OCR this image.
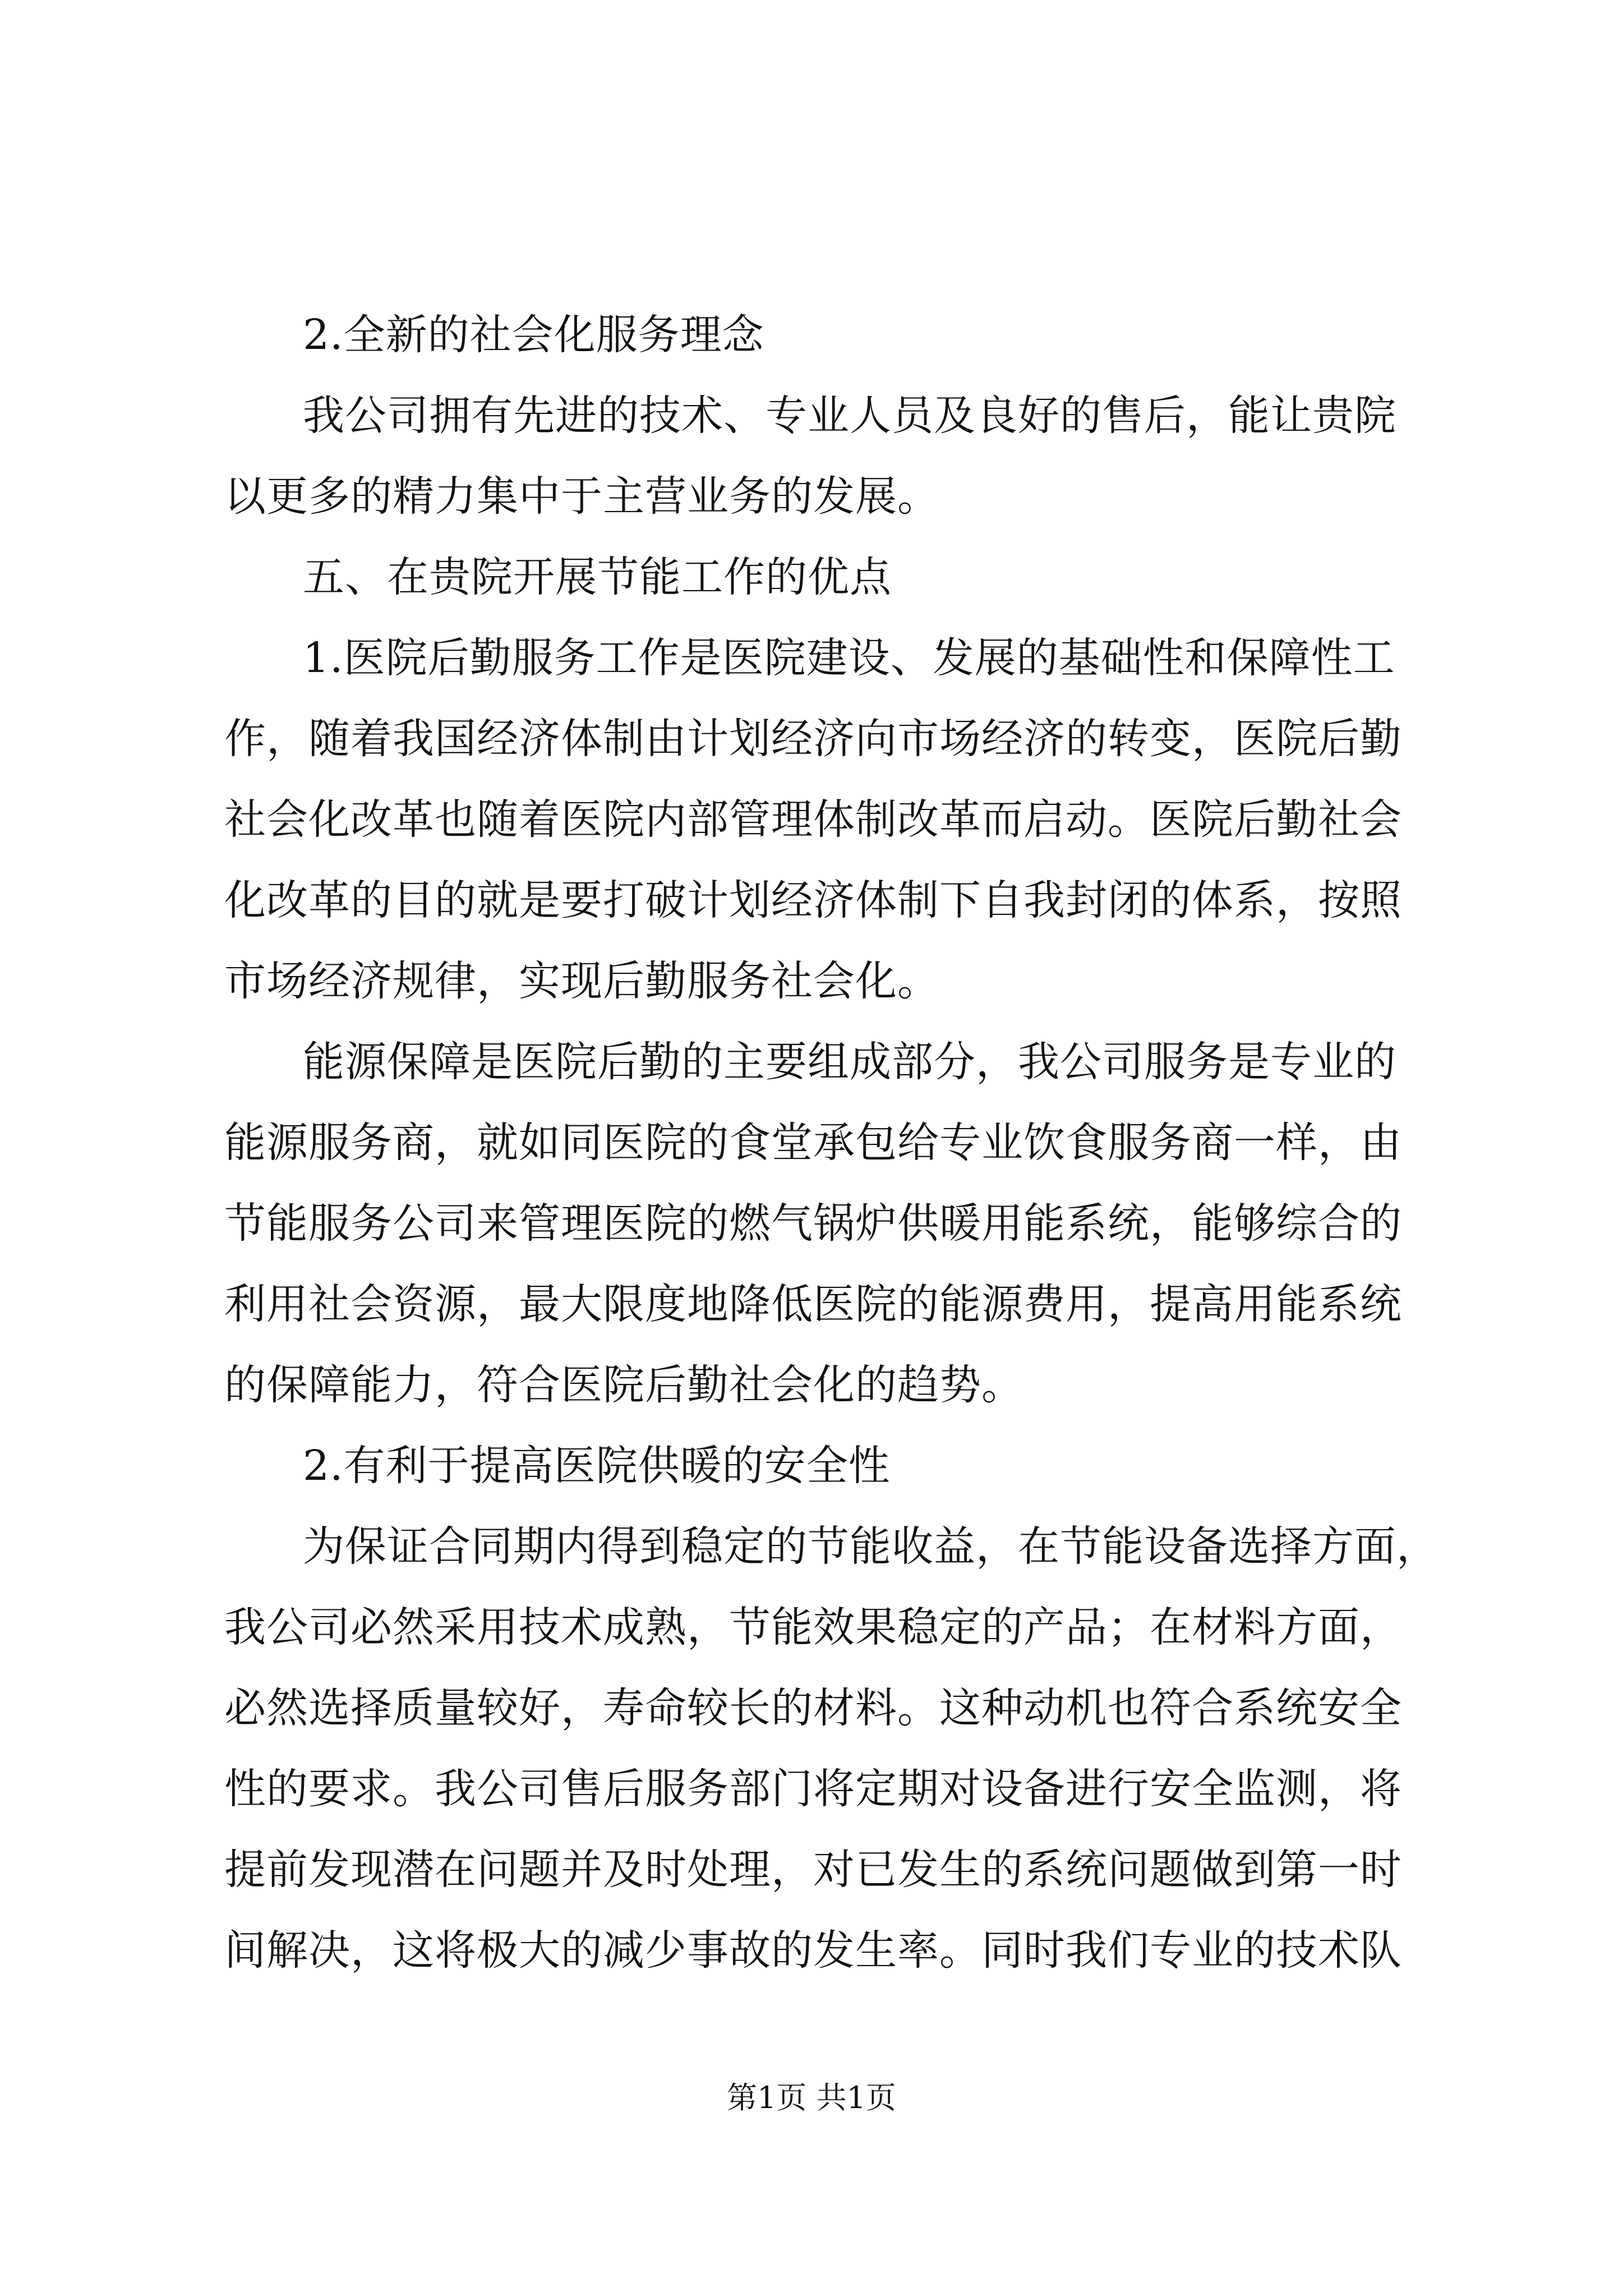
2.全新的社会化服务理念
我公司拥有先进的技术、专业人员及良好的售后，能让贵院
以更多的精力集中于主营业务的发展。
五、在贵院开展节能工作的优点
1.医院后勤服务工作是医院建设、发展的基础性和保障性工
作，随着我国经济体制由计划经济向市场经济的转变，医院后勤
社会化改革也随着医院内部管理体制改革而启动。医院后勤社会
化改革的目的就是要打破计划经济体制下自我封闭的体系，按照
市场经济规律，实现后勤服务社会化。
能源保障是医院后勤的主要组成部分，我公司服务是专业的
能源服务商，就如同医院的食堂承包给专业饮食服务商一样，由
节能服务公司来管理医院的燃气锅炉供暖用能系统，能够综合的
利用社会资源，最大限度地降低医院的能源费用，提高用能系统
的保障能力，符合医院后勤社会化的趋势。
2.有利于提高医院供暖的安全性
为保证合同期内得到稳定的节能收益，在节能设备选择方面，
我公司必然采用技术成熟，节能效果稳定的产品；在材料方面，
必然选择质量较好，寿命较长的材料。这种动机也符合系统安全
性的要求。我公司售后服务部门将定期对设备进行安全监测，将
提前发现潜在问题并及时处理，对已发生的系统问题做到第一时
间解决，这将极大的减少事故的发生率。同时我们专业的技术队
第1页 共1页
